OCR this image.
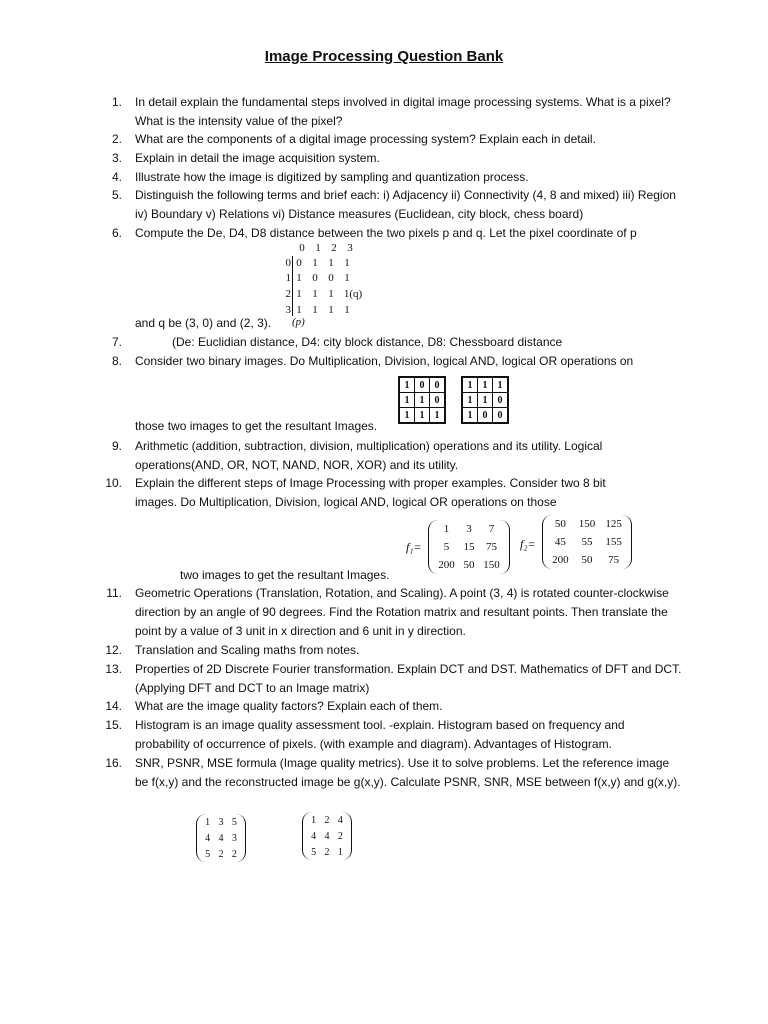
Image Processing Question Bank
1. In detail explain the fundamental steps involved in digital image processing systems. What is a pixel? What is the intensity value of the pixel?
2. What are the components of a digital image processing system? Explain each in detail.
3. Explain in detail the image acquisition system.
4. Illustrate how the image is digitized by sampling and quantization process.
5. Distinguish the following terms and brief each: i) Adjacency ii) Connectivity (4, 8 and mixed) iii) Region iv) Boundary v) Relations vi) Distance measures (Euclidean, city block, chess board)
6. Compute the De, D4, D8 distance between the two pixels p and q. Let the pixel coordinate of p
0 1 2 3
0 0 1 1 1
1 1 0 0 1
2 1 1 1 1(q)
3 1 1 1 1
(p)
and q be (3, 0) and (2, 3).
7.	(De: Euclidian distance, D4: city block distance, D8: Chessboard distance
8. Consider two binary images. Do Multiplication, Division, logical AND, logical OR operations on
1	0	0
1	1	0
1	1	1
1	1	1
1	1	0
1	0	0
those two images to get the resultant Images.
9. Arithmetic (addition, subtraction, division, multiplication) operations and its utility. Logical operations(AND, OR, NOT, NAND, NOR, XOR) and its utility.
10. Explain the different steps of Image Processing with proper examples. Consider two 8 bit images. Do Multiplication, Division, logical AND, logical OR operations on those
f₁=
1	3	7
5	15	75
200	50	150
f₂=
50	150	125
45	55	155
200	50	75
two images to get the resultant Images.
11. Geometric Operations (Translation, Rotation, and Scaling). A point (3, 4) is rotated counter-clockwise direction by an angle of 90 degrees. Find the Rotation matrix and resultant points. Then translate the point by a value of 3 unit in x direction and 6 unit in y direction.
12. Translation and Scaling maths from notes.
13. Properties of 2D Discrete Fourier transformation. Explain DCT and DST. Mathematics of DFT and DCT. (Applying DFT and DCT to an Image matrix)
14. What are the image quality factors? Explain each of them.
15. Histogram is an image quality assessment tool. -explain. Histogram based on frequency and probability of occurrence of pixels. (with example and diagram). Advantages of Histogram.
16. SNR, PSNR, MSE formula (Image quality metrics). Use it to solve problems. Let the reference image be f(x,y) and the reconstructed image be g(x,y). Calculate PSNR, SNR, MSE between f(x,y) and g(x,y).
1	3	5
4	4	3
5	2	2
1	2	4
4	4	2
5	2	1
